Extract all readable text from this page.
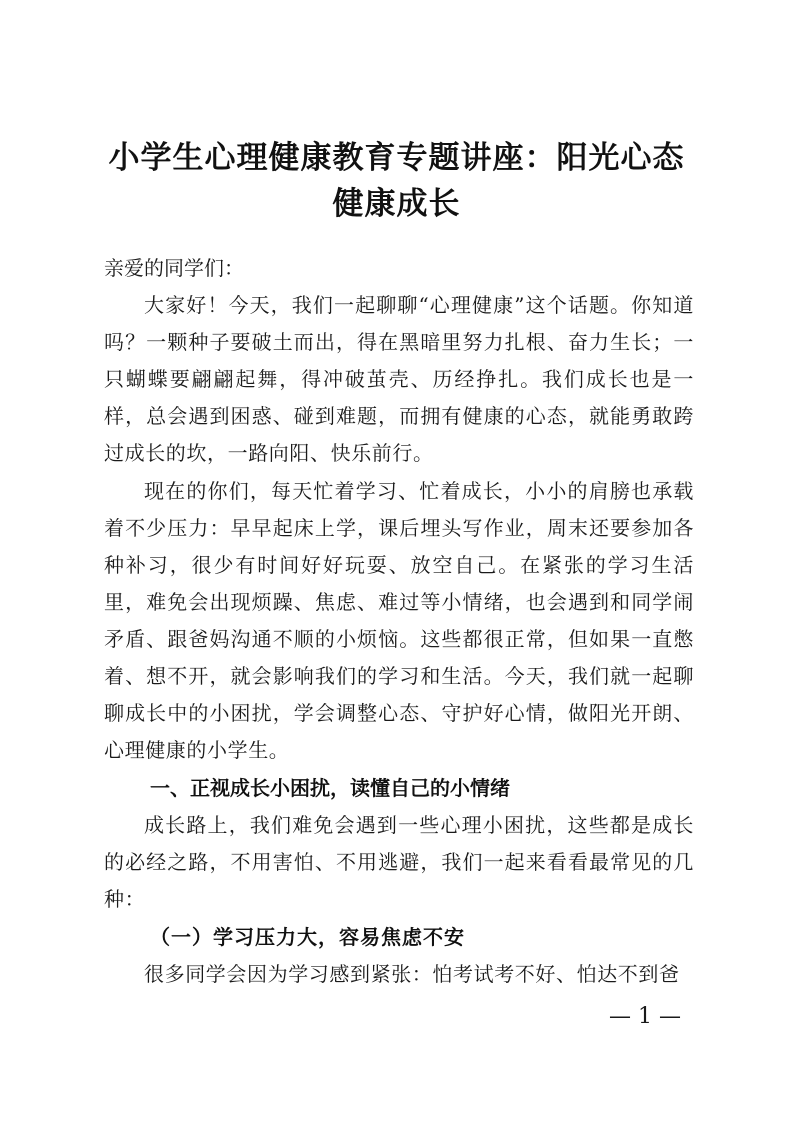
小学生心理健康教育专题讲座：阳光心态
健康成长
亲爱的同学们：

大家好！今天，我们一起聊聊“心理健康”这个话题。你知道吗？一颗种子要破土而出，得在黑暗里努力扎根、奋力生长；一只蝴蝶要翩翩起舞，得冲破茧壳、历经挣扎。我们成长也是一样，总会遇到困惑、碰到难题，而拥有健康的心态，就能勇敢跨过成长的坎，一路向阳、快乐前行。

现在的你们，每天忙着学习、忙着成长，小小的肩膀也承载着不少压力：早早起床上学，课后埋头写作业，周末还要参加各种补习，很少有时间好好玩耍、放空自己。在紧张的学习生活里，难免会出现烦躁、焦虑、难过等小情绪，也会遇到和同学闹矛盾、跟爸妈沟通不顺的小烦恼。这些都很正常，但如果一直憋着、想不开，就会影响我们的学习和生活。今天，我们就一起聊聊成长中的小困扰，学会调整心态、守护好心情，做阳光开朗、心理健康的小学生。

一、正视成长小困扰，读懂自己的小情绪

成长路上，我们难免会遇到一些心理小困扰，这些都是成长的必经之路，不用害怕、不用逃避，我们一起来看看最常见的几种：

（一）学习压力大，容易焦虑不安

很多同学会因为学习感到紧张：怕考试考不好、怕达不到爸

— 1 —
